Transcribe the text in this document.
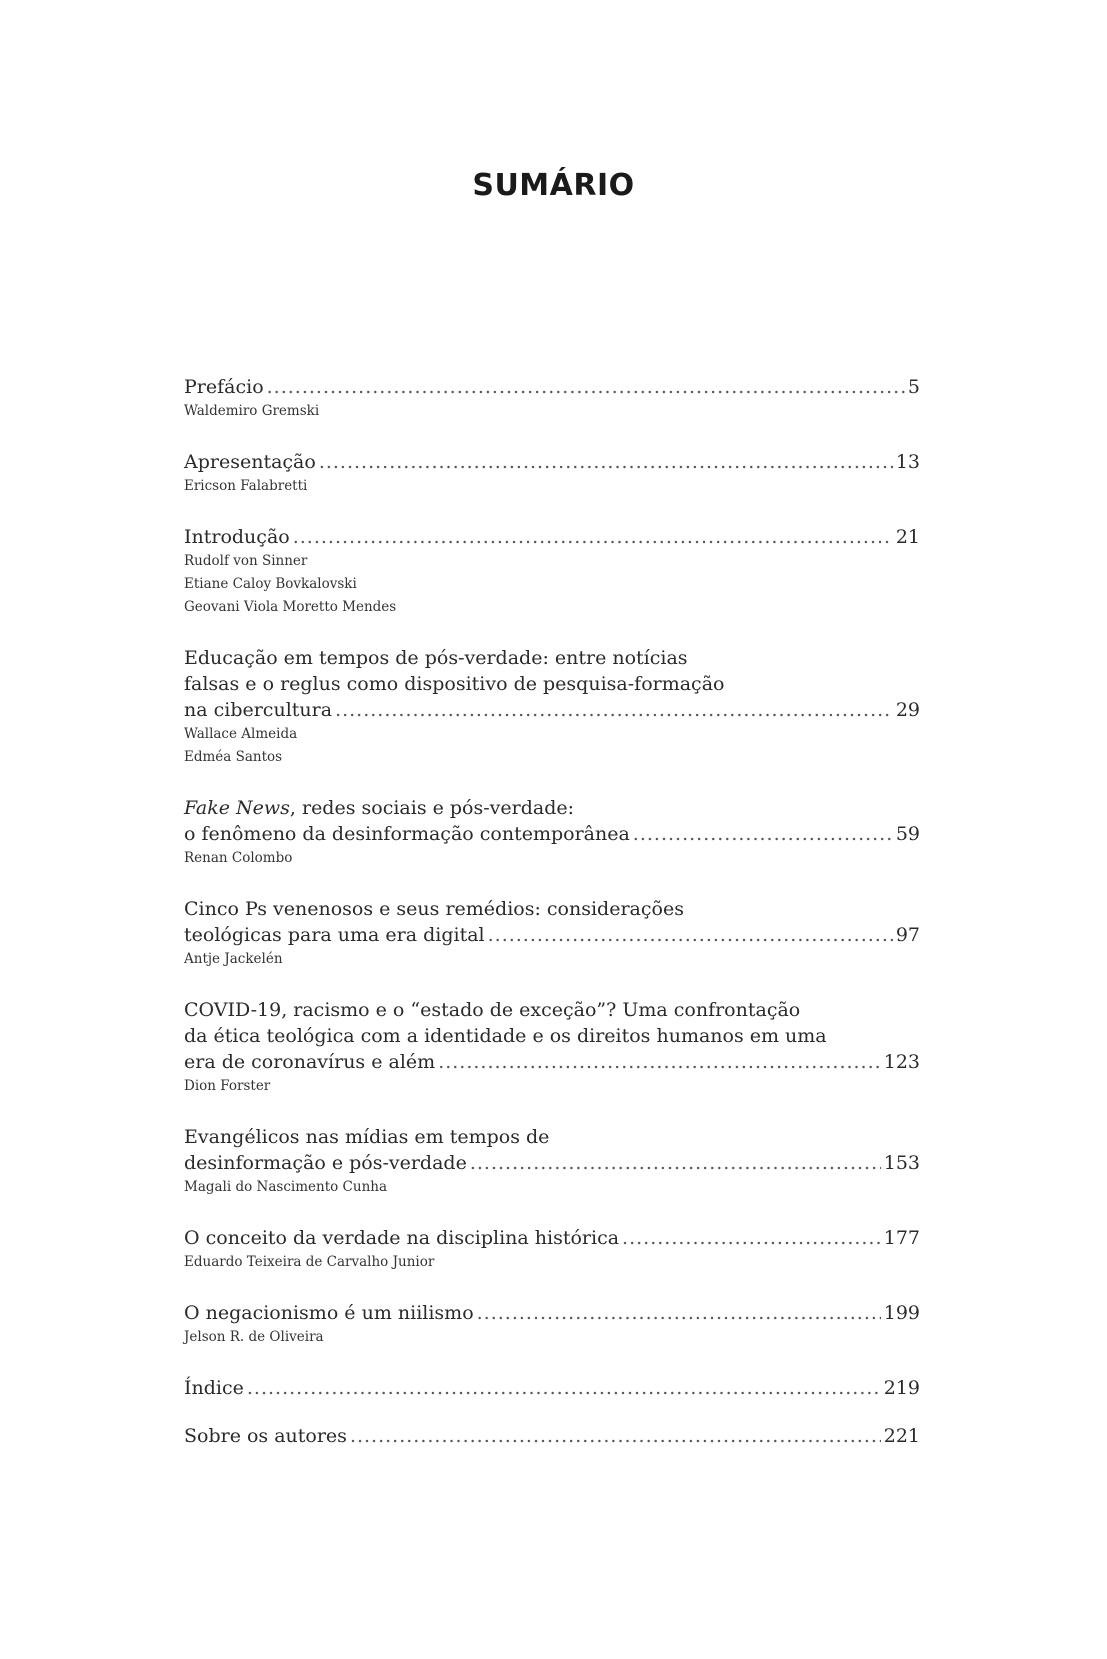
SUMÁRIO
Prefácio .....	5
Waldemiro Gremski
Apresentação .....	13
Ericson Falabretti
Introdução .....	21
Rudolf von Sinner
Etiane Caloy Bovkalovski
Geovani Viola Moretto Mendes
Educação em tempos de pós-verdade: entre notícias
falsas e o reglus como dispositivo de pesquisa-formação
na cibercultura .....	29
Wallace Almeida
Edméa Santos
Fake News, redes sociais e pós-verdade:
o fenômeno da desinformação contemporânea .....	59
Renan Colombo
Cinco Ps venenosos e seus remédios: considerações
teológicas para uma era digital .....	97
Antje Jackelén
COVID-19, racismo e o “estado de exceção”? Uma confrontação
da ética teológica com a identidade e os direitos humanos em uma
era de coronavírus e além .....	123
Dion Forster
Evangélicos nas mídias em tempos de
desinformação e pós-verdade .....	153
Magali do Nascimento Cunha
O conceito da verdade na disciplina histórica .....	177
Eduardo Teixeira de Carvalho Junior
O negacionismo é um niilismo .....	199
Jelson R. de Oliveira
Índice .....	219
Sobre os autores .....	221
